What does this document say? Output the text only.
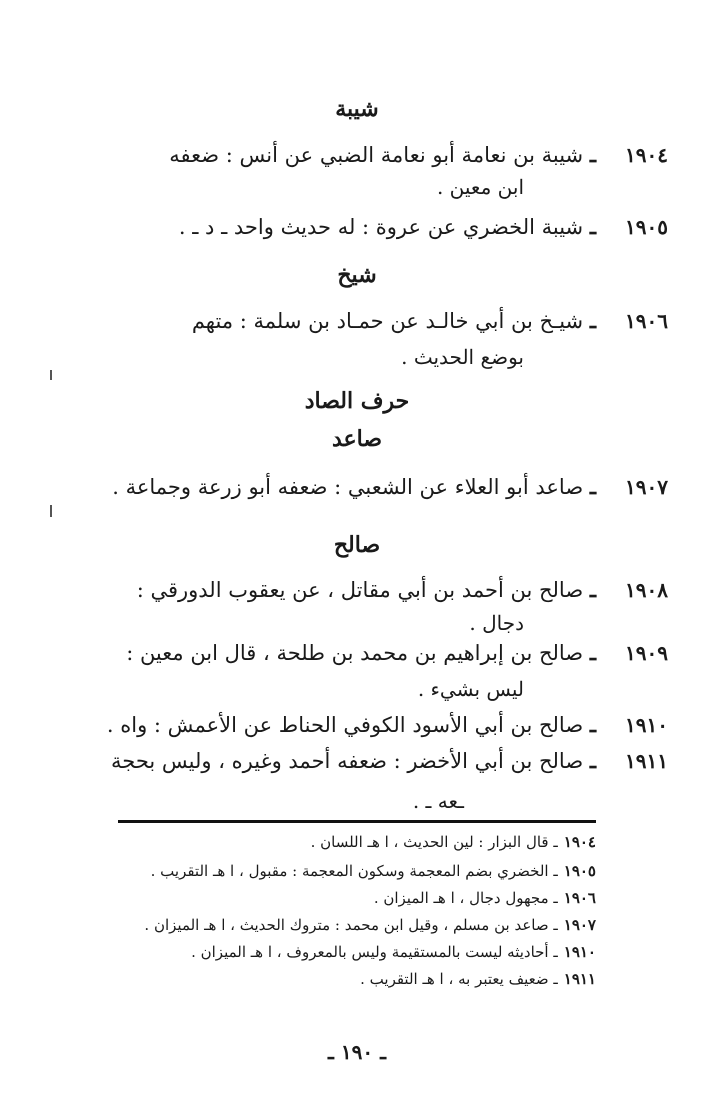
شيبة
١٩٠٤
ـ شيبة بن نعامة أبو نعامة الضبي عن أنس : ضعفه
ابن معين .
١٩٠٥
ـ شيبة الخضري عن عروة : له حديث واحد ـ د ـ .
شيخ
١٩٠٦
ـ شيـخ بن أبي خالـد عن حمـاد بن سلمة : متهم
بوضع الحديث .
حرف الصاد
صاعد
١٩٠٧
ـ صاعد أبو العلاء عن الشعبي : ضعفه أبو زرعة وجماعة .
صالح
١٩٠٨
ـ صالح بن أحمد بن أبي مقاتل ، عن يعقوب الدورقي :
دجال .
١٩٠٩
ـ صالح بن إبراهيم بن محمد بن طلحة ، قال ابن معين :
ليس بشيء .
١٩١٠
ـ صالح بن أبي الأسود الكوفي الحناط عن الأعمش : واه .
١٩١١
ـ صالح بن أبي الأخضر : ضعفه أحمد وغيره ، وليس بحجة
ـعه ـ .
١٩٠٤ـ قال البزار : لين الحديث ، ا هـ اللسان .
١٩٠٥ـ الخضري بضم المعجمة وسكون المعجمة : مقبول ، ا هـ التقريب .
١٩٠٦ـ مجهول دجال ، ا هـ الميزان .
١٩٠٧ـ صاعد بن مسلم ، وقيل ابن محمد : متروك الحديث ، ا هـ الميزان .
١٩١٠ـ أحاديثه ليست بالمستقيمة وليس بالمعروف ، ا هـ الميزان .
١٩١١ـ ضعيف يعتبر به ، ا هـ التقريب .
ـ ١٩٠ ـ
